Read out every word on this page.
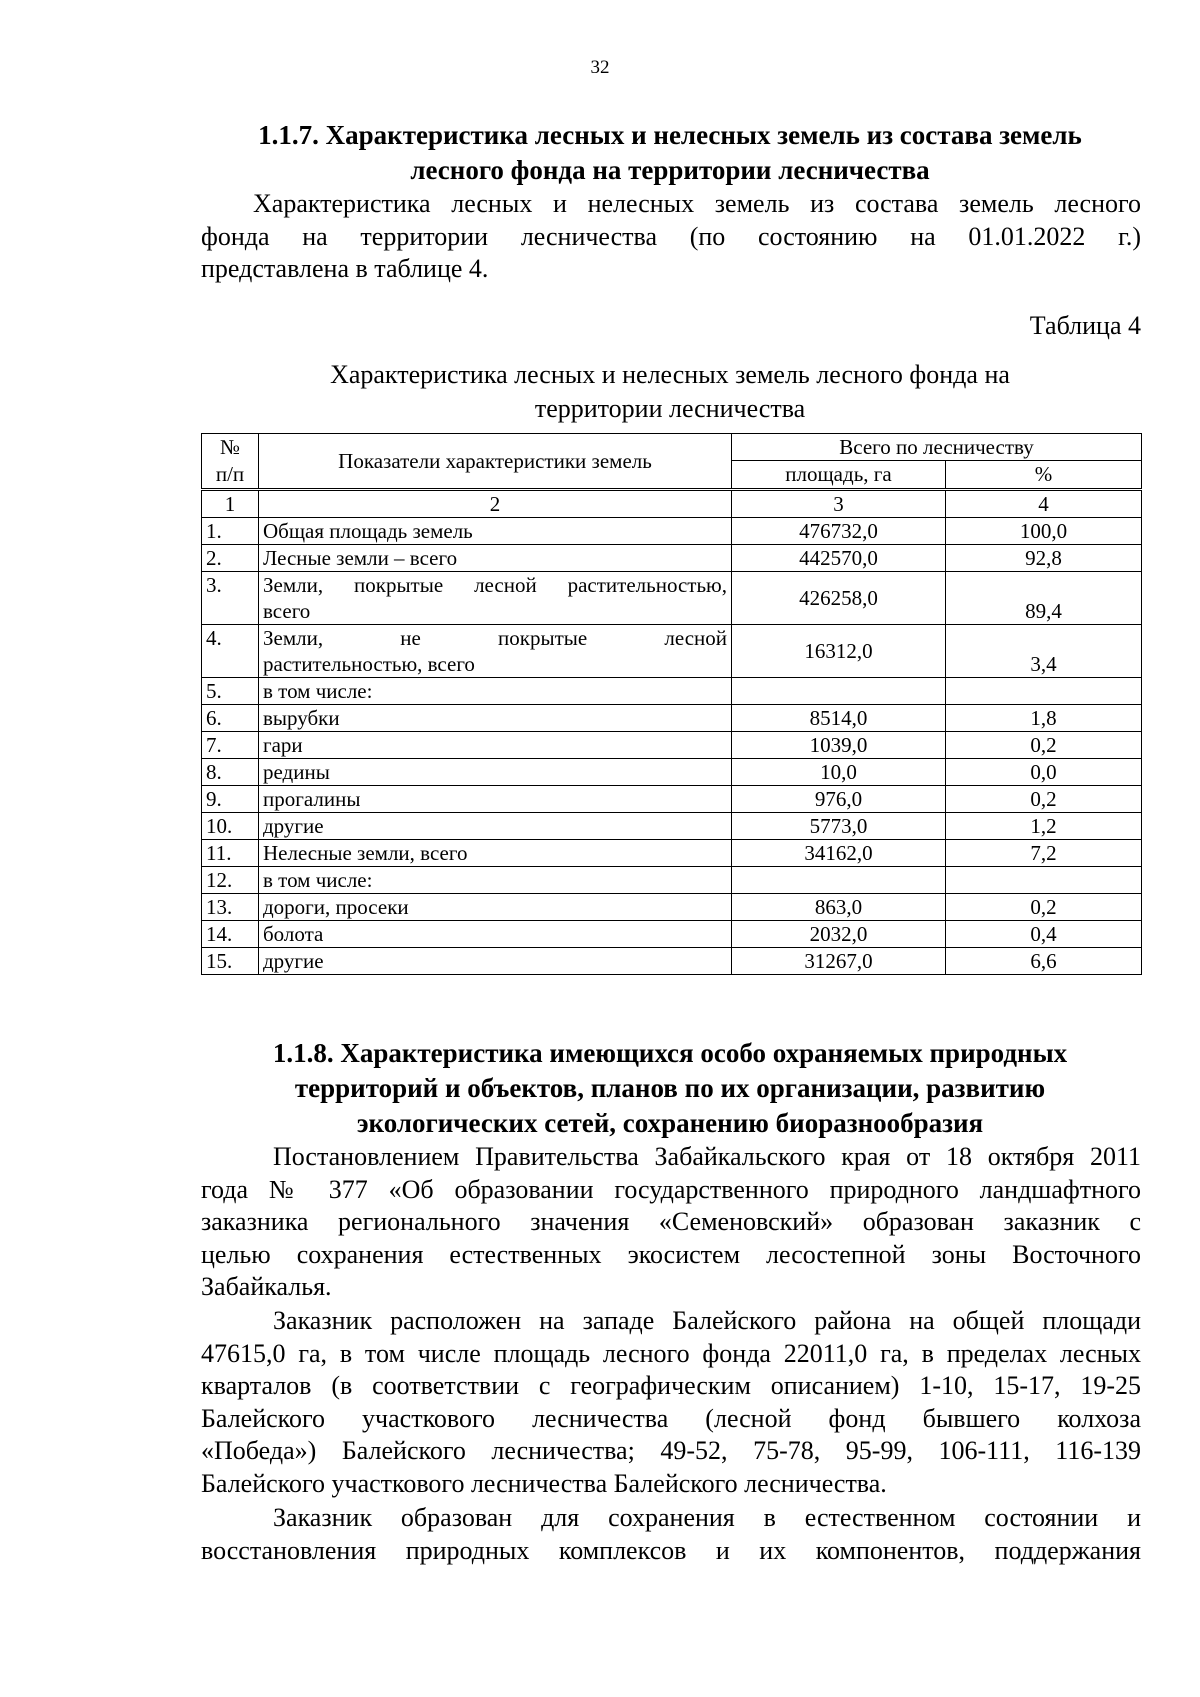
32
1.1.7. Характеристика лесных и нелесных земель из состава земель
лесного фонда на территории лесничества

Характеристика лесных и нелесных земель из состава земель лесного
фонда на территории лесничества (по состоянию на 01.01.2022 г.)
представлена в таблице 4.

Таблица 4
Характеристика лесных и нелесных земель лесного фонда на
территории лесничества
№
п/п	Показатели характеристики земель	Всего по лесничеству	
		площадь, га	%
1	2	3	4
1.	Общая площадь земель	476732,0	100,0
2.	Лесные земли – всего	442570,0	92,8
3.	Земли, покрытые лесной растительностью,
всего	426258,0	89,4
4.	Земли, не покрытые лесной
растительностью, всего	16312,0	3,4
5.	в том числе:		
6.	вырубки	8514,0	1,8
7.	гари	1039,0	0,2
8.	редины	10,0	0,0
9.	прогалины	976,0	0,2
10.	другие	5773,0	1,2
11.	Нелесные земли, всего	34162,0	7,2
12.	в том числе:		
13.	дороги, просеки	863,0	0,2
14.	болота	2032,0	0,4
15.	другие	31267,0	6,6
1.1.8. Характеристика имеющихся особо охраняемых природных
территорий и объектов, планов по их организации, развитию
экологических сетей, сохранению биоразнообразия

Постановлением Правительства Забайкальского края от 18 октября 2011
года № 377 «Об образовании государственного природного ландшафтного
заказника регионального значения «Семеновский» образован заказник с
целью сохранения естественных экосистем лесостепной зоны Восточного
Забайкалья.

Заказник расположен на западе Балейского района на общей площади
47615,0 га, в том числе площадь лесного фонда 22011,0 га, в пределах лесных
кварталов (в соответствии с географическим описанием) 1-10, 15-17, 19-25
Балейского участкового лесничества (лесной фонд бывшего колхоза
«Победа») Балейского лесничества; 49-52, 75-78, 95-99, 106-111, 116-139
Балейского участкового лесничества Балейского лесничества.

Заказник образован для сохранения в естественном состоянии и
восстановления природных комплексов и их компонентов, поддержания
